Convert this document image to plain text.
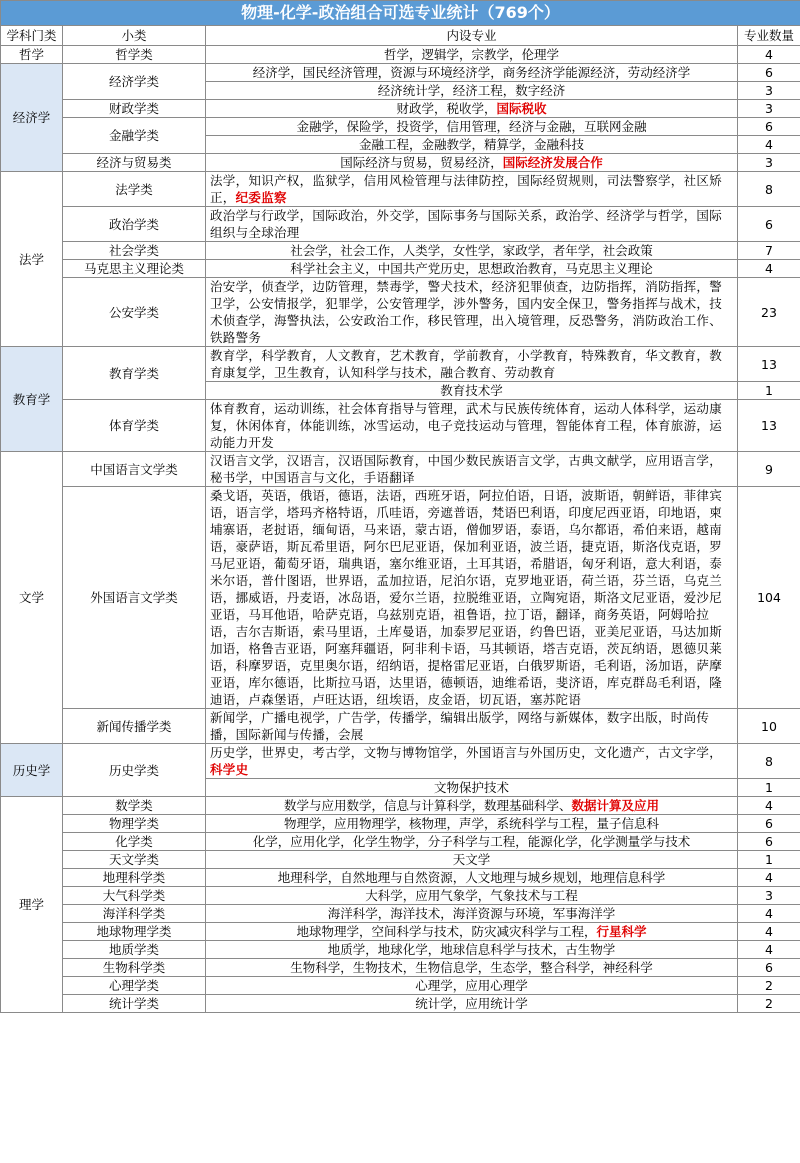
物理-化学-政治组合可选专业统计（769个）			
学科门类	小类	内设专业	专业数量
哲学	哲学类	哲学，逻辑学，宗教学，伦理学	4
经济学	经济学类	经济学，国民经济管理，资源与环境经济学，商务经济学能源经济，劳动经济学	6
		经济统计学，经济工程，数字经济	3
	财政学类	财政学，税收学，国际税收	3
	金融学类	金融学，保险学，投资学，信用管理，经济与金融，互联网金融	6
		金融工程，金融教学，精算学，金融科技	4
	经济与贸易类	国际经济与贸易，贸易经济，国际经济发展合作	3
法学	法学类	法学，知识产权，监狱学，信用风检管理与法律防控，国际经贸规则，司法警察学，社区矫正，纪委监察	8
	政治学类	政治学与行政学，国际政治，外交学，国际事务与国际关系，政治学、经济学与哲学，国际组织与全球治理	6
	社会学类	社会学，社会工作，人类学，女性学，家政学，者年学，社会政策	7
	马克思主义理论类	科学社会主义，中国共产党历史，思想政治教育，马克思主义理论	4
	公安学类	治安学，侦查学，边防管理，禁毒学，警犬技术，经济犯罪侦查，边防指挥，消防指挥，警卫学，公安情报学，犯罪学，公安管理学，涉外警务，国内安全保卫，警务指挥与战术，技术侦查学，海警执法，公安政治工作，移民管理，出入境管理，反恐警务，消防政治工作、铁路警务	23
教育学	教育学类	教育学，科学教育，人文教育，艺术教育，学前教育，小学教育，特殊教育，华文教育，教育康复学，卫生教育，认知科学与技术，融合教育、劳动教育	13
		教育技术学	1
	体育学类	体育教育，运动训练，社会体育指导与管理，武术与民族传统体育，运动人体科学，运动康复，休闲体育，体能训练，冰雪运动，电子竞技运动与管理，智能体育工程，体育旅游，运动能力开发	13
文学	中国语言文学类	汉语言文学，汉语言，汉语国际教育，中国少数民族语言文学，古典文献学，应用语言学，秘书学，中国语言与文化，手语翻译	9
	外国语言文学类	桑戈语，英语，俄语，德语，法语，西班牙语，阿拉伯语，日语，波斯语，朝鲜语，菲律宾语，语言学，塔玛齐格特语，爪哇语，旁遮普语，梵语巴利语，印度尼西亚语，印地语，柬埔寨语，老挝语，缅甸语，马来语，蒙古语，僧伽罗语，泰语，乌尔都语，希伯来语，越南语，豪萨语，斯瓦希里语，阿尔巴尼亚语，保加利亚语，波兰语，捷克语，斯洛伐克语，罗马尼亚语，葡萄牙语，瑞典语，塞尔维亚语，土耳其语，希腊语，匈牙利语，意大利语，泰米尔语，普什图语，世界语，孟加拉语，尼泊尔语，克罗地亚语，荷兰语，芬兰语，乌克兰语，挪威语，丹麦语，冰岛语，爱尔兰语，拉脱维亚语，立陶宛语，斯洛文尼亚语，爱沙尼亚语，马耳他语，哈萨克语，乌兹别克语，祖鲁语，拉丁语，翻译，商务英语，阿姆哈拉语，吉尔吉斯语，索马里语，土库曼语，加泰罗尼亚语，约鲁巴语，亚美尼亚语，马达加斯加语，格鲁吉亚语，阿塞拜疆语，阿非利卡语，马其顿语，塔吉克语，茨瓦纳语，恩德贝莱语，科摩罗语，克里奥尔语，绍纳语，提格雷尼亚语，白俄罗斯语，毛利语，汤加语，萨摩亚语，库尔德语，比斯拉马语，达里语，德顿语，迪维希语，斐济语，库克群岛毛利语，隆迪语，卢森堡语，卢旺达语，纽埃语，皮金语，切瓦语，塞苏陀语	104
	新闻传播学类	新闻学，广播电视学，广告学，传播学，编辑出版学，网络与新媒体，数字出版，时尚传播，国际新闻与传播，会展	10
历史学	历史学类	历史学，世界史，考古学，文物与博物馆学，外国语言与外国历史，文化遗产，古文字学，科学史	8
		文物保护技术	1
理学	数学类	数学与应用数学，信息与计算科学，数理基础科学、数据计算及应用	4
	物理学类	物理学，应用物理学，核物理，声学，系统科学与工程，量子信息科	6
	化学类	化学，应用化学，化学生物学，分子科学与工程，能源化学，化学测量学与技术	6
	天文学类	天文学	1
	地理科学类	地理科学，自然地理与自然资源，人文地理与城乡规划，地理信息科学	4
	大气科学类	大科学，应用气象学，气象技术与工程	3
	海洋科学类	海洋科学，海洋技术，海洋资源与环境，军事海洋学	4
	地球物理学类	地球物理学，空间科学与技术，防灾减灾科学与工程，行星科学	4
	地质学类	地质学，地球化学，地球信息科学与技术，古生物学	4
	生物科学类	生物科学，生物技术，生物信息学，生态学，整合科学，神经科学	6
	心理学类	心理学，应用心理学	2
	统计学类	统计学，应用统计学	2
